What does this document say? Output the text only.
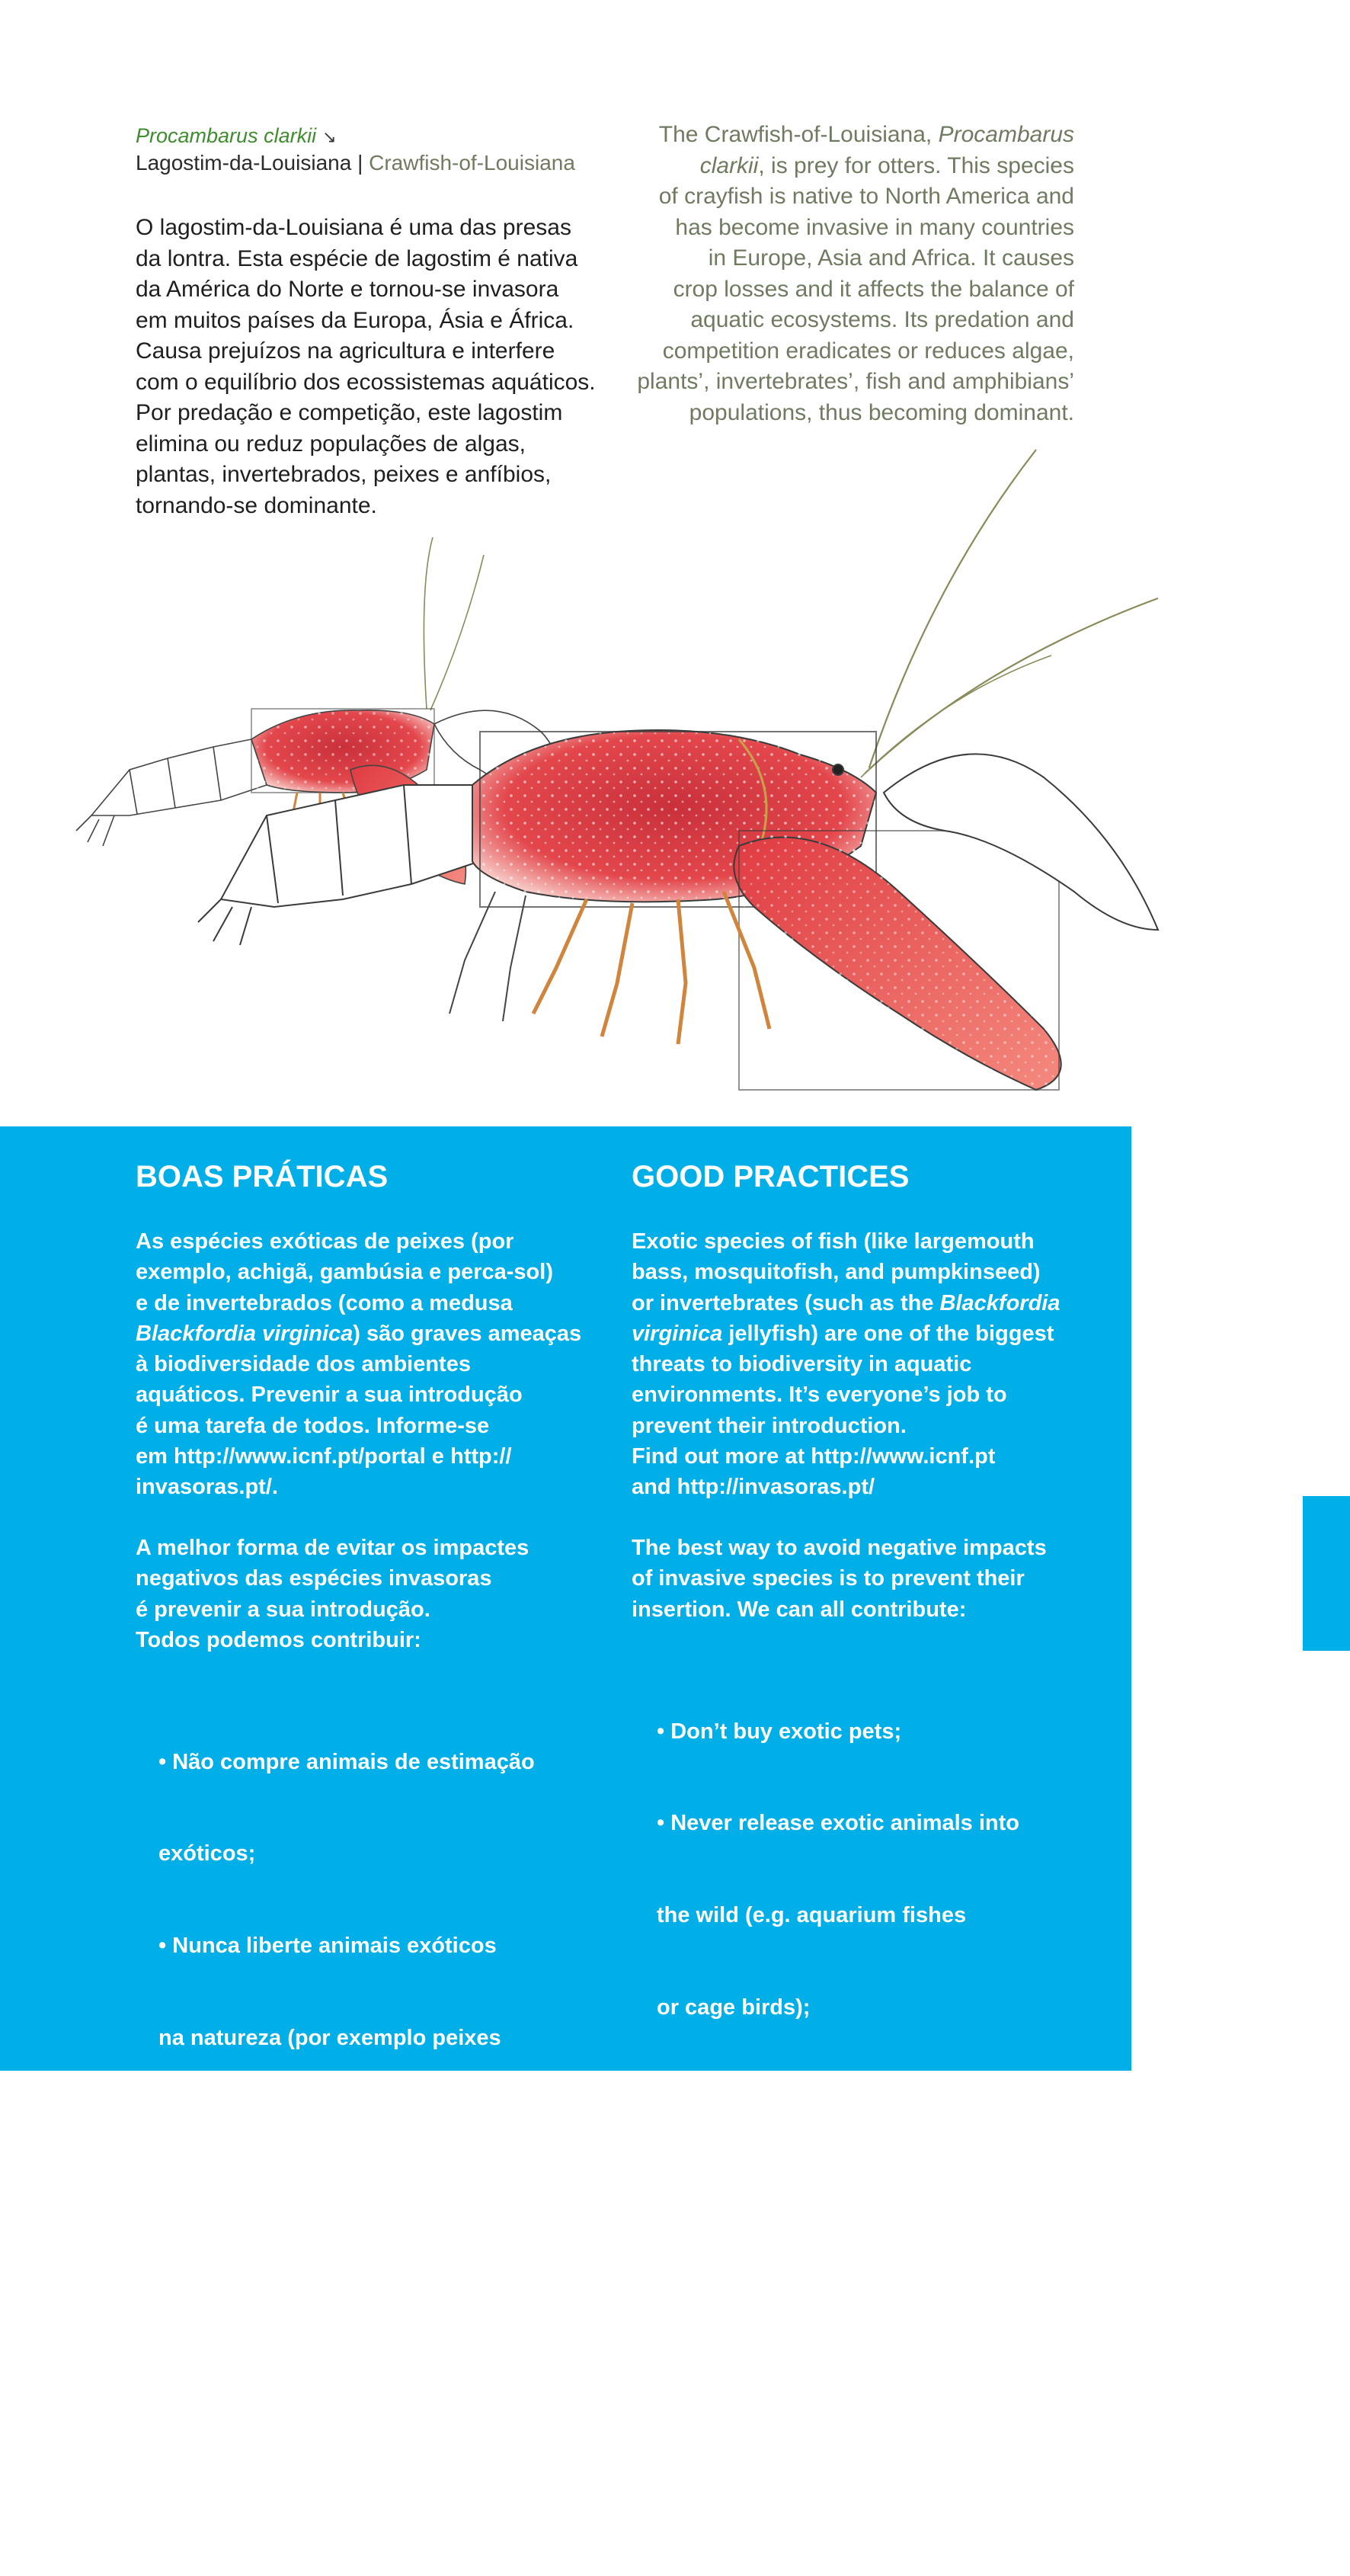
Procambarus clarkii ↘
Lagostim-da-Louisiana | Crawfish-of-Louisiana
O lagostim-da-Louisiana é uma das presas
da lontra. Esta espécie de lagostim é nativa
da América do Norte e tornou-se invasora
em muitos países da Europa, Ásia e África.
Causa prejuízos na agricultura e interfere
com o equilíbrio dos ecossistemas aquáticos.
Por predação e competição, este lagostim
elimina ou reduz populações de algas,
plantas, invertebrados, peixes e anfíbios,
tornando-se dominante.
The Crawfish-of-Louisiana, Procambarus
clarkii, is prey for otters. This species
of crayfish is native to North America and
has become invasive in many countries
in Europe, Asia and Africa. It causes
crop losses and it affects the balance of
aquatic ecosystems. Its predation and
competition eradicates or reduces algae,
plants’, invertebrates’, fish and amphibians’
populations, thus becoming dominant.
BOAS PRÁTICAS
As espécies exóticas de peixes (por
exemplo, achigã, gambúsia e perca-sol)
e de invertebrados (como a medusa
Blackfordia virginica) são graves ameaças
à biodiversidade dos ambientes
aquáticos. Prevenir a sua introdução
é uma tarefa de todos. Informe-se
em http://www.icnf.pt/portal e http://
invasoras.pt/.
A melhor forma de evitar os impactes
negativos das espécies invasoras
é prevenir a sua introdução.
Todos podemos contribuir:

• Não compre animais de estimação

exóticos;

• Nunca liberte animais exóticos

na natureza (por exemplo peixes

de aquário ou aves de gaiola);

• Se for a outro país, não traga consigo

um animal exótico como recordação;

• Participe nas ações de voluntariado

para controlo de espécies invasoras.

GOOD PRACTICES
Exotic species of fish (like largemouth
bass, mosquitofish, and pumpkinseed)
or invertebrates (such as the Blackfordia
virginica jellyfish) are one of the biggest
threats to biodiversity in aquatic
environments. It’s everyone’s job to
prevent their introduction.
Find out more at http://www.icnf.pt
and http://invasoras.pt/
The best way to avoid negative impacts
of invasive species is to prevent their
insertion. We can all contribute:

• Don’t buy exotic pets;

• Never release exotic animals into

the wild (e.g. aquarium fishes

or cage birds);

• If you go to another country,

don’t bring an exotic animal back

with you as a souvenir;

• Take part in voluntary actions

to control invasive species.
